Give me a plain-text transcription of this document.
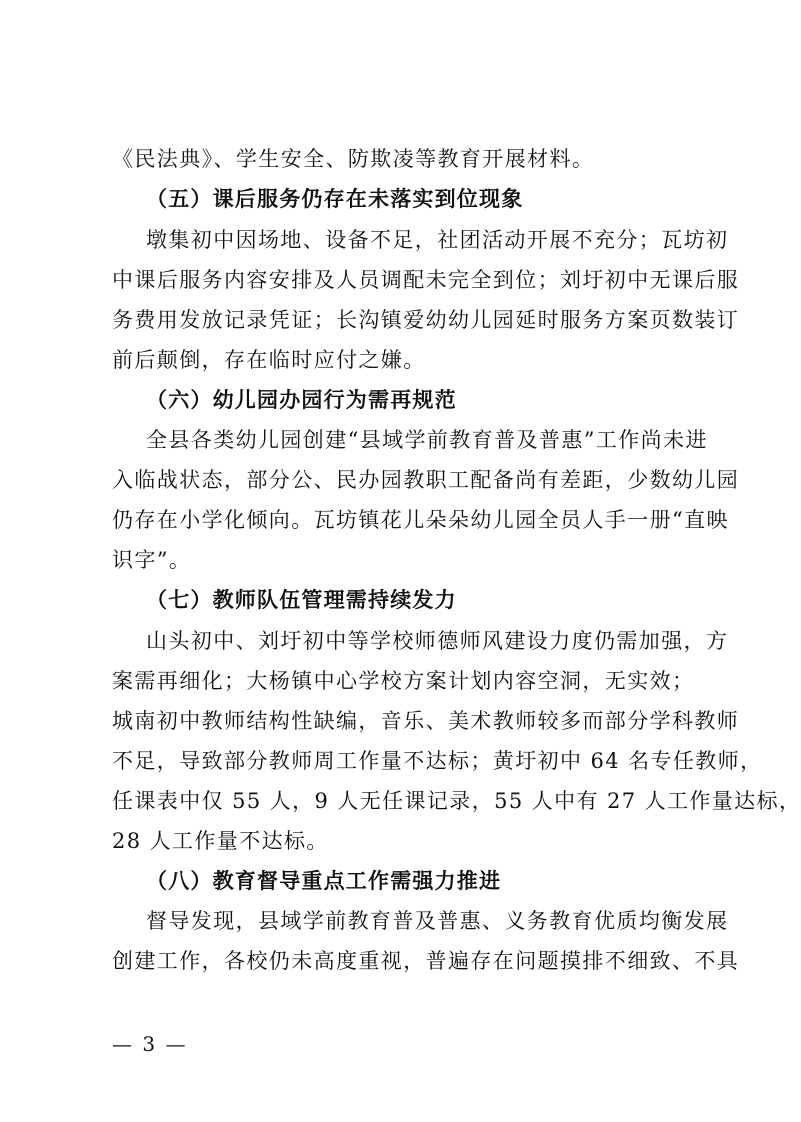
《民法典》、学生安全、防欺凌等教育开展材料。
（五）课后服务仍存在未落实到位现象
墩集初中因场地、设备不足，社团活动开展不充分；瓦坊初
中课后服务内容安排及人员调配未完全到位；刘圩初中无课后服
务费用发放记录凭证；长沟镇爱幼幼儿园延时服务方案页数装订
前后颠倒，存在临时应付之嫌。
（六）幼儿园办园行为需再规范
全县各类幼儿园创建“县域学前教育普及普惠”工作尚未进
入临战状态，部分公、民办园教职工配备尚有差距，少数幼儿园
仍存在小学化倾向。瓦坊镇花儿朵朵幼儿园全员人手一册“直映
识字”。
（七）教师队伍管理需持续发力
山头初中、刘圩初中等学校师德师风建设力度仍需加强，方
案需再细化；大杨镇中心学校方案计划内容空洞，无实效；
城南初中教师结构性缺编，音乐、美术教师较多而部分学科教师
不足，导致部分教师周工作量不达标；黄圩初中 64 名专任教师，
任课表中仅 55 人，9 人无任课记录，55 人中有 27 人工作量达标，
28 人工作量不达标。
（八）教育督导重点工作需强力推进
督导发现，县域学前教育普及普惠、义务教育优质均衡发展
创建工作，各校仍未高度重视，普遍存在问题摸排不细致、不具
— 3 —
